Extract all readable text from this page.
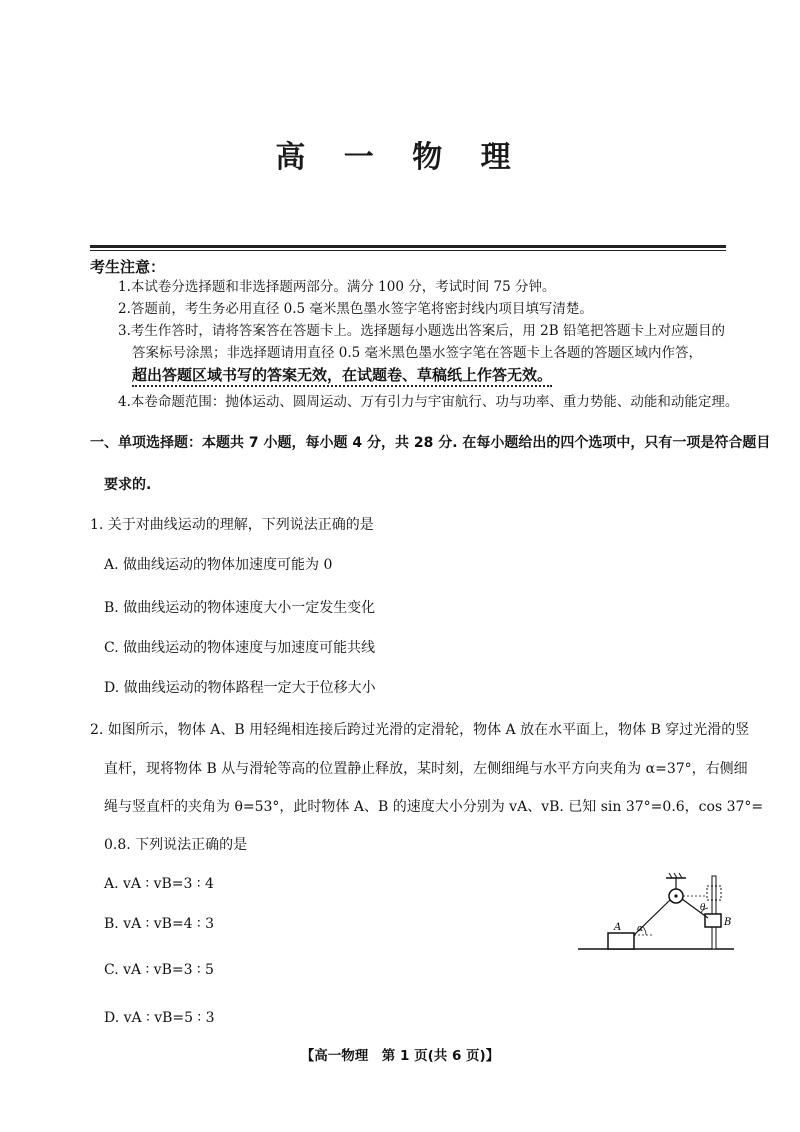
高 一 物 理
考生注意：
1.本试卷分选择题和非选择题两部分。满分 100 分，考试时间 75 分钟。
2.答题前，考生务必用直径 0.5 毫米黑色墨水签字笔将密封线内项目填写清楚。
3.考生作答时，请将答案答在答题卡上。选择题每小题选出答案后，用 2B 铅笔把答题卡上对应题目的
答案标号涂黑；非选择题请用直径 0.5 毫米黑色墨水签字笔在答题卡上各题的答题区域内作答，
超出答题区域书写的答案无效，在试题卷、草稿纸上作答无效。
4.本卷命题范围：抛体运动、圆周运动、万有引力与宇宙航行、功与功率、重力势能、动能和动能定理。
一、单项选择题：本题共 7 小题，每小题 4 分，共 28 分. 在每小题给出的四个选项中，只有一项是符合题目
要求的.
1. 关于对曲线运动的理解，下列说法正确的是
A. 做曲线运动的物体加速度可能为 0
B. 做曲线运动的物体速度大小一定发生变化
C. 做曲线运动的物体速度与加速度可能共线
D. 做曲线运动的物体路程一定大于位移大小
2. 如图所示，物体 A、B 用轻绳相连接后跨过光滑的定滑轮，物体 A 放在水平面上，物体 B 穿过光滑的竖
直杆，现将物体 B 从与滑轮等高的位置静止释放，某时刻，左侧细绳与水平方向夹角为 α=37°，右侧细
绳与竖直杆的夹角为 θ=53°，此时物体 A、B 的速度大小分别为 vA、vB. 已知 sin 37°=0.6，cos 37°=
0.8. 下列说法正确的是
A. vA ∶ vB=3 ∶ 4
B. vA ∶ vB=4 ∶ 3
C. vA ∶ vB=3 ∶ 5
D. vA ∶ vB=5 ∶ 3
A	B
α
θ
【高一物理　第 1 页(共 6 页)】
